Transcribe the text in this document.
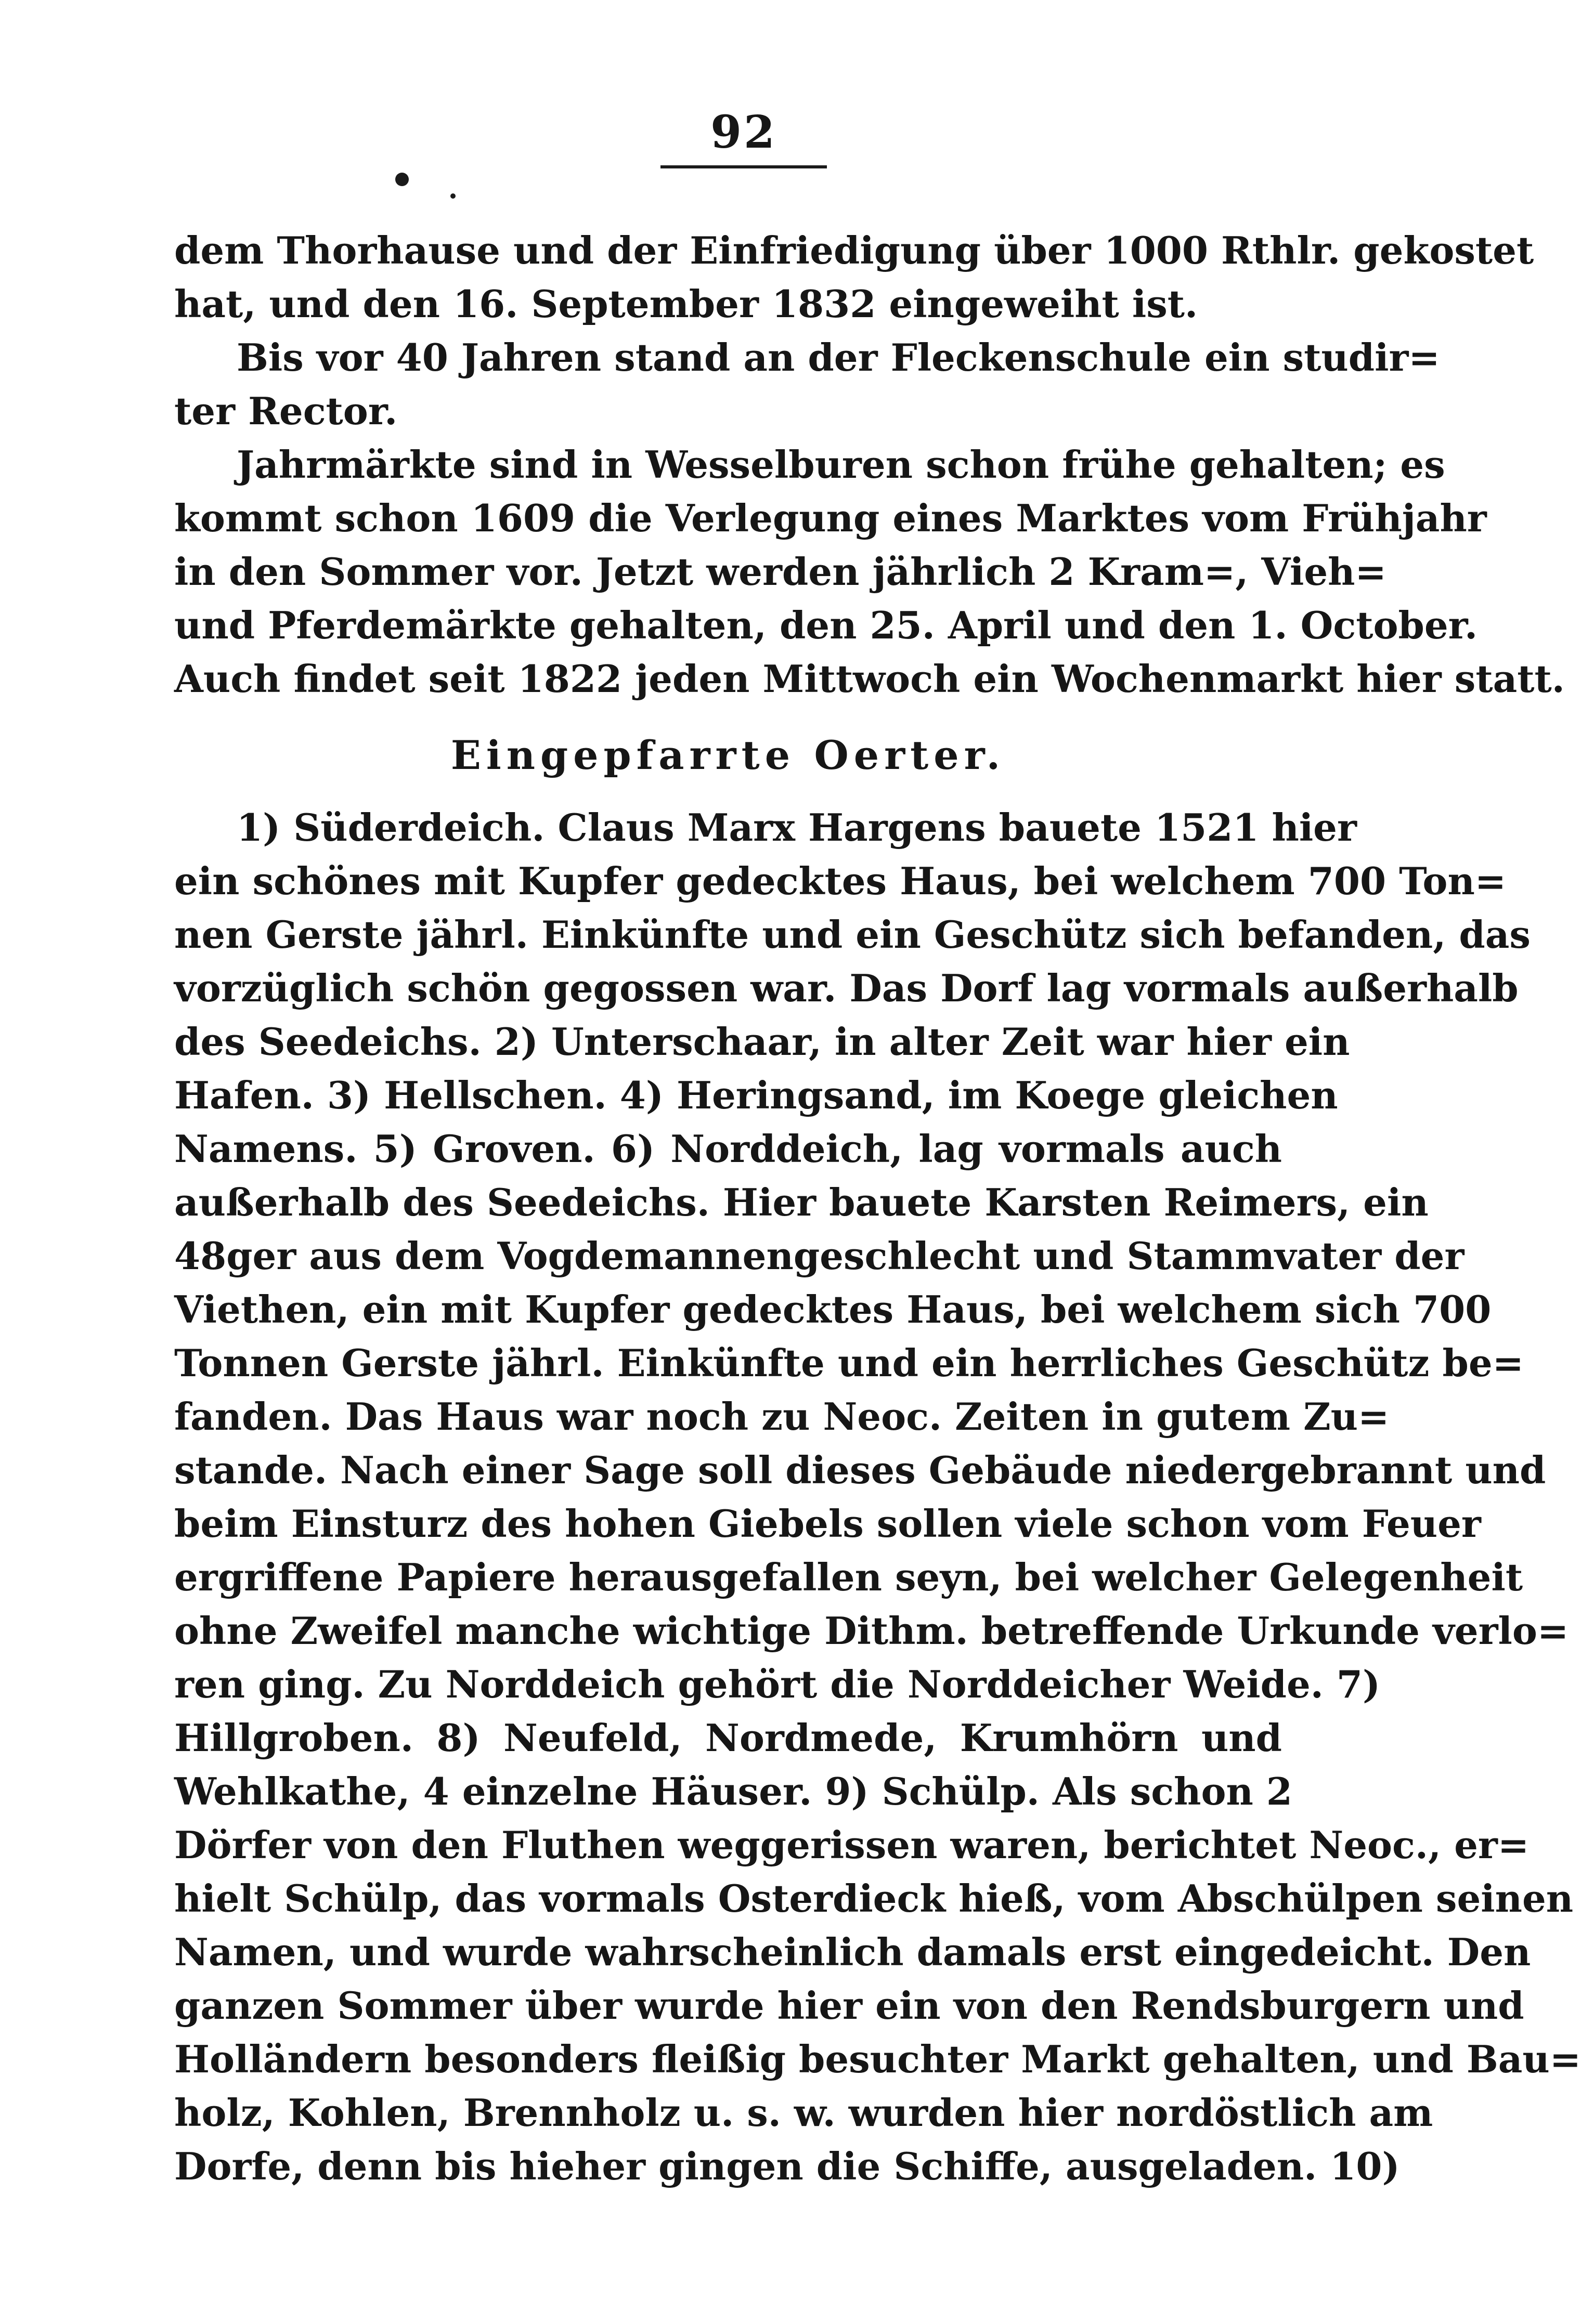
92
dem Thorhause und der Einfriedigung über 1000 Rthlr. gekostet
hat, und den 16. September 1832 eingeweiht ist.
Bis vor 40 Jahren stand an der Fleckenschule ein studir=
ter Rector.
Jahrmärkte sind in Wesselburen schon frühe gehalten; es
kommt schon 1609 die Verlegung eines Marktes vom Frühjahr
in den Sommer vor. Jetzt werden jährlich 2 Kram=, Vieh=
und Pferdemärkte gehalten, den 25. April und den 1. October.
Auch findet seit 1822 jeden Mittwoch ein Wochenmarkt hier statt.
Eingepfarrte Oerter.
1) Süderdeich. Claus Marx Hargens bauete 1521 hier
ein schönes mit Kupfer gedecktes Haus, bei welchem 700 Ton=
nen Gerste jährl. Einkünfte und ein Geschütz sich befanden, das
vorzüglich schön gegossen war. Das Dorf lag vormals außerhalb
des Seedeichs. 2) Unterschaar, in alter Zeit war hier ein
Hafen. 3) Hellschen. 4) Heringsand, im Koege gleichen
Namens. 5) Groven. 6) Norddeich, lag vormals auch
außerhalb des Seedeichs. Hier bauete Karsten Reimers, ein
48ger aus dem Vogdemannengeschlecht und Stammvater der
Viethen, ein mit Kupfer gedecktes Haus, bei welchem sich 700
Tonnen Gerste jährl. Einkünfte und ein herrliches Geschütz be=
fanden. Das Haus war noch zu Neoc. Zeiten in gutem Zu=
stande. Nach einer Sage soll dieses Gebäude niedergebrannt und
beim Einsturz des hohen Giebels sollen viele schon vom Feuer
ergriffene Papiere herausgefallen seyn, bei welcher Gelegenheit
ohne Zweifel manche wichtige Dithm. betreffende Urkunde verlo=
ren ging. Zu Norddeich gehört die Norddeicher Weide. 7)
Hillgroben. 8) Neufeld, Nordmede, Krumhörn und
Wehlkathe, 4 einzelne Häuser. 9) Schülp. Als schon 2
Dörfer von den Fluthen weggerissen waren, berichtet Neoc., er=
hielt Schülp, das vormals Osterdieck hieß, vom Abschülpen seinen
Namen, und wurde wahrscheinlich damals erst eingedeicht. Den
ganzen Sommer über wurde hier ein von den Rendsburgern und
Holländern besonders fleißig besuchter Markt gehalten, und Bau=
holz, Kohlen, Brennholz u. s. w. wurden hier nordöstlich am
Dorfe, denn bis hieher gingen die Schiffe, ausgeladen. 10)
